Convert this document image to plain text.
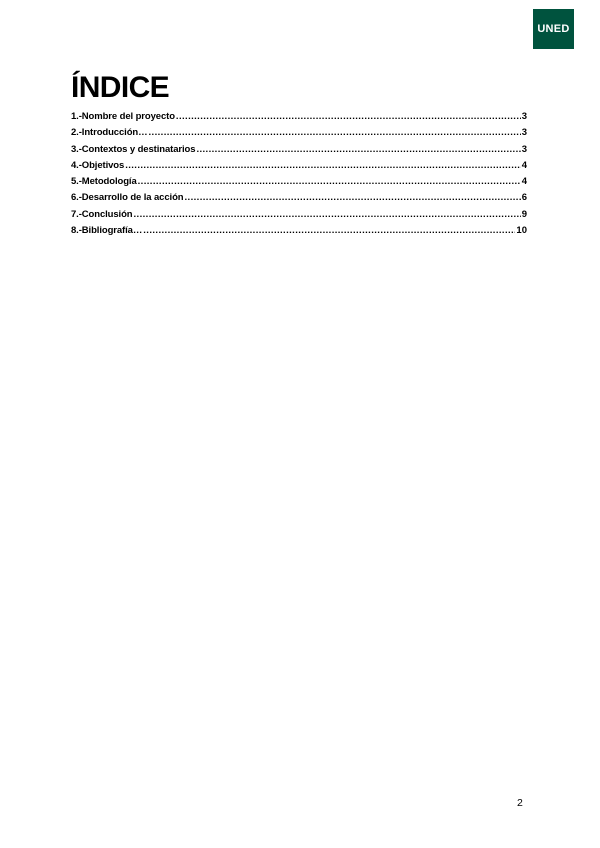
UNED
ÍNDICE
1.-Nombre del proyecto .....	3
2.-Introducción… .....	3
3.-Contextos y destinatarios .....	3
4.-Objetivos .....	4
5.-Metodología .....	4
6.-Desarrollo de la acción .....	6
7.-Conclusión .....	9
8.-Bibliografía… .....	10
2
